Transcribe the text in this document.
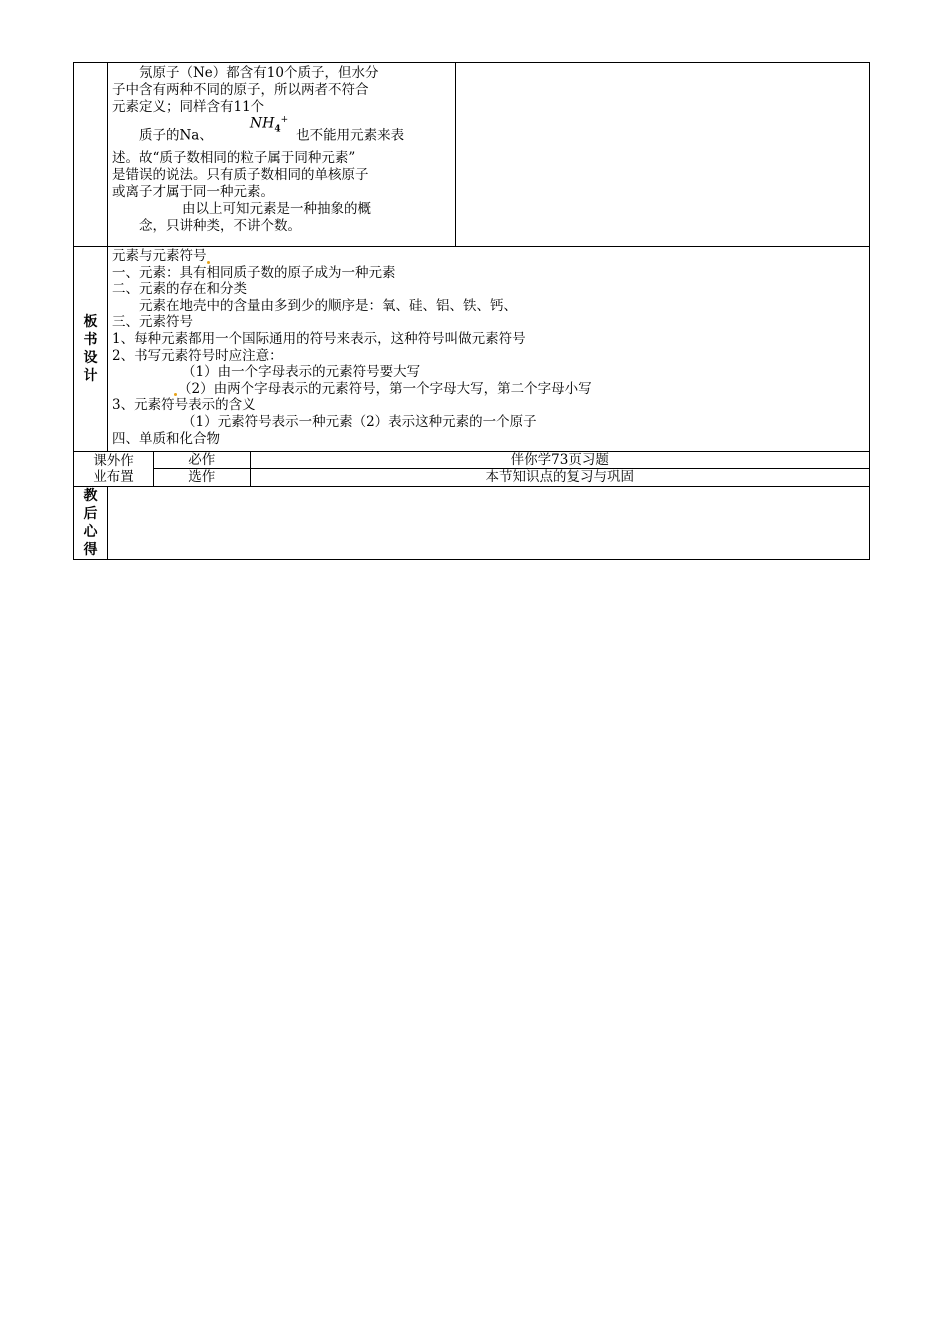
氖原子（Ne）都含有10个质子，但水分

子中含有两种不同的原子，所以两者不符合

元素定义；同样含有11个

质子的Na、$NH_4^+$也不能用元素来表

述。故“质子数相同的粒子属于同种元素”

是错误的说法。只有质子数相同的单核原子

或离子才属于同一种元素。

由以上可知元素是一种抽象的概

念，只讲种类，不讲个数。

板
书
设
计

元素与元素符号

一、元素：具有相同质子数的原子成为一种元素

二、元素的存在和分类

元素在地壳中的含量由多到少的顺序是：氧、硅、铝、铁、钙、

三、元素符号

1、每种元素都用一个国际通用的符号来表示，这种符号叫做元素符号

2、书写元素符号时应注意：

（1）由一个字母表示的元素符号要大写

（2）由两个字母表示的元素符号，第一个字母大写，第二个字母小写

3、元素符号表示的含义

（1）元素符号表示一种元素（2）表示这种元素的一个原子

四、单质和化合物

课外作
业布置

必作	伴你学73页习题
选作	本节知识点的复习与巩固

教
后
心
得
